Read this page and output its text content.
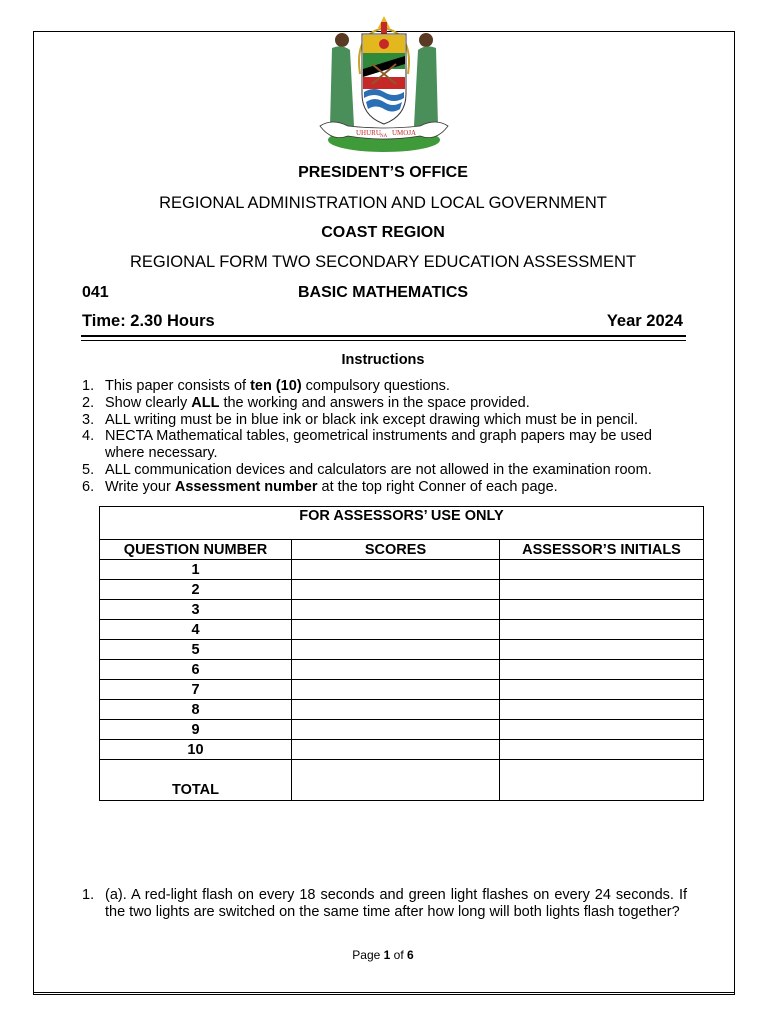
UHURU NA UMOJA
PRESIDENT’S OFFICE
REGIONAL ADMINISTRATION AND LOCAL GOVERNMENT
COAST REGION
REGIONAL FORM TWO SECONDARY EDUCATION ASSESSMENT
041	BASIC MATHEMATICS
Time: 2.30 Hours	Year 2024
Instructions
1. This paper consists of ten (10) compulsory questions.
2. Show clearly ALL the working and answers in the space provided.
3. ALL writing must be in blue ink or black ink except drawing which must be in pencil.
4. NECTA Mathematical tables, geometrical instruments and graph papers may be used where necessary.
5. ALL communication devices and calculators are not allowed in the examination room.
6. Write your Assessment number at the top right Conner of each page.
FOR ASSESSORS’ USE ONLY		
QUESTION NUMBER	SCORES	ASSESSOR’S INITIALS
1		
2		
3		
4		
5		
6		
7		
8		
9		
10		
TOTAL		
1. (a). A red-light flash on every 18 seconds and green light flashes on every 24 seconds. If the two lights are switched on the same time after how long will both lights flash together?
Page 1 of 6
